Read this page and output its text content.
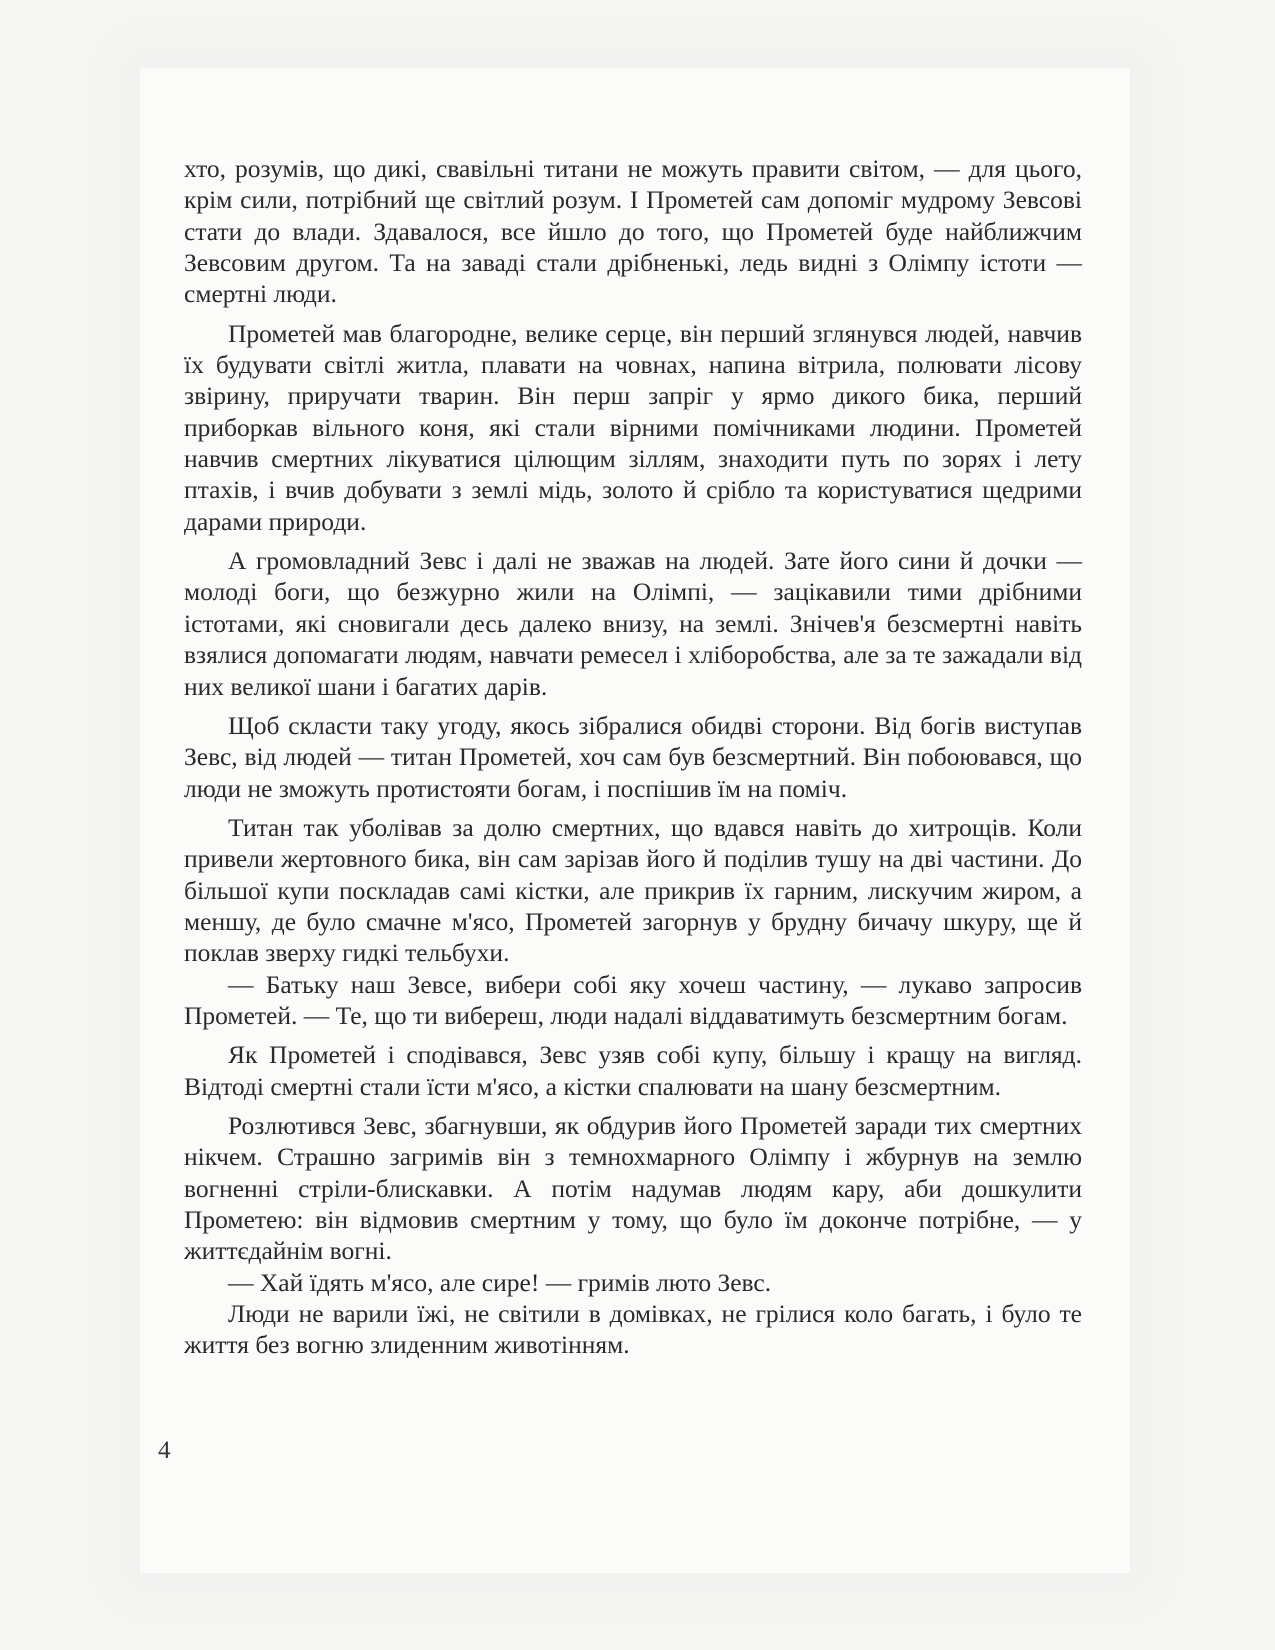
хто, розумів, що дикі, свавільні титани не можуть правити світом, — для цього, крім сили, потрібний ще світлий розум. І Прометей сам допоміг мудрому Зевсові стати до влади. Здавалося, все йшло до того, що Прометей буде найближчим Зевсовим другом. Та на заваді стали дрібненькі, ледь видні з Олімпу істоти — смертні люди.

Прометей мав благородне, велике серце, він перший зглянувся людей, навчив їх будувати світлі житла, плавати на човнах, напина вітрила, полювати лісову звірину, приручати тварин. Він перш запріг у ярмо дикого бика, перший приборкав вільного коня, які стали вірними помічниками людини. Прометей навчив смертних лікуватися цілющим зіллям, знаходити путь по зорях і лету птахів, і вчив добувати з землі мідь, золото й срібло та користуватися щедрими дарами природи.

А громовладний Зевс і далі не зважав на людей. Зате його сини й дочки — молоді боги, що безжурно жили на Олімпі, — зацікавили тими дрібними істотами, які сновигали десь далеко внизу, на землі. Знічев'я безсмертні навіть взялися допомагати людям, навчати ремесел і хліборобства, але за те зажадали від них великої шани і багатих дарів.

Щоб скласти таку угоду, якось зібралися обидві сторони. Від богів виступав Зевс, від людей — титан Прометей, хоч сам був безсмертний. Він побоювався, що люди не зможуть протистояти богам, і поспішив їм на поміч.

Титан так уболівав за долю смертних, що вдався навіть до хитрощів. Коли привели жертовного бика, він сам зарізав його й поділив тушу на дві частини. До більшої купи поскладав самі кістки, але прикрив їх гарним, лискучим жиром, а меншу, де було смачне м'ясо, Прометей загорнув у брудну бичачу шкуру, ще й поклав зверху гидкі тельбухи.

— Батьку наш Зевсе, вибери собі яку хочеш частину, — лукаво запросив Прометей. — Те, що ти виберeш, люди надалі віддаватимуть безсмертним богам.

Як Прометей і сподівався, Зевс узяв собі купу, більшу і кращу на вигляд. Відтоді смертні стали їсти м'ясо, а кістки спалювати на шану безсмертним.

Розлютився Зевс, збагнувши, як обдурив його Прометей заради тих смертних нікчем. Страшно загримів він з темнохмарного Олімпу і жбурнув на землю вогненні стріли-блискавки. А потім надумав людям кару, аби дошкулити Прометею: він відмовив смертним у тому, що було їм доконче потрібне, — у життєдайнім вогні.

— Хай їдять м'ясо, але сире! — гримів люто Зевс.

Люди не варили їжі, не світили в домівках, не грілися коло багать, і було те життя без вогню злиденним животінням.

4
